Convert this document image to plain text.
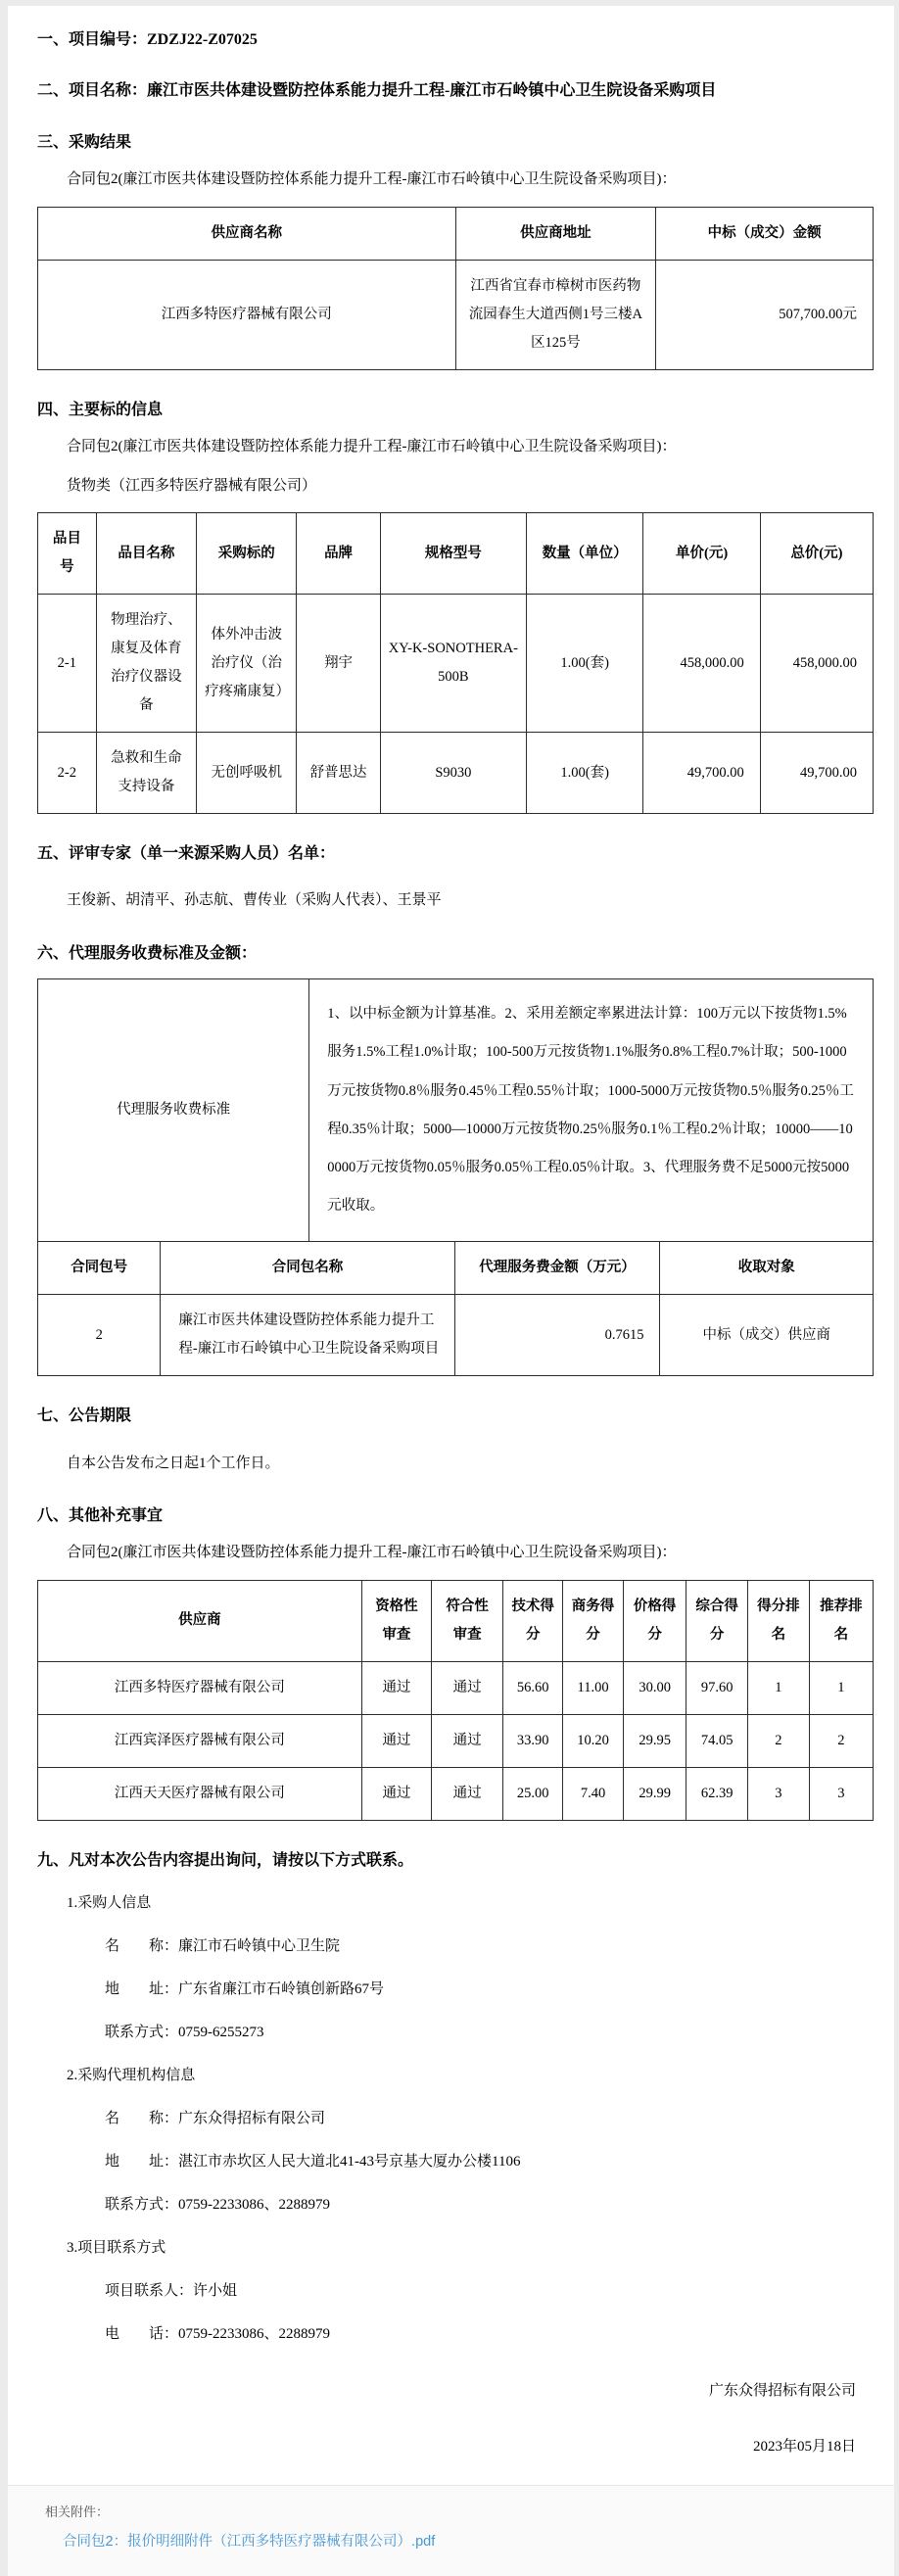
一、项目编号：ZDZJ22-Z07025
二、项目名称：廉江市医共体建设暨防控体系能力提升工程-廉江市石岭镇中心卫生院设备采购项目
三、采购结果
合同包2(廉江市医共体建设暨防控体系能力提升工程-廉江市石岭镇中心卫生院设备采购项目)：
供应商名称	供应商地址	中标（成交）金额
江西多特医疗器械有限公司	江西省宜春市樟树市医药物流园春生大道西侧1号三楼A区125号	507,700.00元
四、主要标的信息
合同包2(廉江市医共体建设暨防控体系能力提升工程-廉江市石岭镇中心卫生院设备采购项目)：
货物类（江西多特医疗器械有限公司）
品目号	品目名称	采购标的	品牌	规格型号	数量（单位）	单价(元)	总价(元)
2-1	物理治疗、康复及体育治疗仪器设备	体外冲击波治疗仪（治疗疼痛康复）	翔宇	XY-K-SONOTHERA-500B	1.00(套)	458,000.00	458,000.00
2-2	急救和生命支持设备	无创呼吸机	舒普思达	S9030	1.00(套)	49,700.00	49,700.00
五、评审专家（单一来源采购人员）名单：
王俊新、胡清平、孙志航、曹传业（采购人代表）、王景平
六、代理服务收费标准及金额：
代理服务收费标准	1、以中标金额为计算基准。2、采用差额定率累进法计算：100万元以下按货物1.5%服务1.5%工程1.0%计取；100-500万元按货物1.1%服务0.8%工程0.7%计取；500-1000万元按货物0.8％服务0.45％工程0.55％计取；1000-5000万元按货物0.5％服务0.25％工程0.35％计取；5000—10000万元按货物0.25％服务0.1％工程0.2％计取；10000——100000万元按货物0.05％服务0.05％工程0.05％计取。3、代理服务费不足5000元按5000元收取。
合同包号	合同包名称	代理服务费金额（万元）	收取对象
2	廉江市医共体建设暨防控体系能力提升工程-廉江市石岭镇中心卫生院设备采购项目	0.7615	中标（成交）供应商
七、公告期限
自本公告发布之日起1个工作日。
八、其他补充事宜
合同包2(廉江市医共体建设暨防控体系能力提升工程-廉江市石岭镇中心卫生院设备采购项目)：
供应商	资格性审查	符合性审查	技术得分	商务得分	价格得分	综合得分	得分排名	推荐排名
江西多特医疗器械有限公司	通过	通过	56.60	11.00	30.00	97.60	1	1
江西宾泽医疗器械有限公司	通过	通过	33.90	10.20	29.95	74.05	2	2
江西天天医疗器械有限公司	通过	通过	25.00	7.40	29.99	62.39	3	3
九、凡对本次公告内容提出询问，请按以下方式联系。
1.采购人信息
名　　称：廉江市石岭镇中心卫生院
地　　址：广东省廉江市石岭镇创新路67号
联系方式：0759-6255273
2.采购代理机构信息
名　　称：广东众得招标有限公司
地　　址：湛江市赤坎区人民大道北41-43号京基大厦办公楼1106
联系方式：0759-2233086、2288979
3.项目联系方式
项目联系人：许小姐
电　　话：0759-2233086、2288979
广东众得招标有限公司
2023年05月18日
相关附件：
合同包2：报价明细附件（江西多特医疗器械有限公司）.pdf
